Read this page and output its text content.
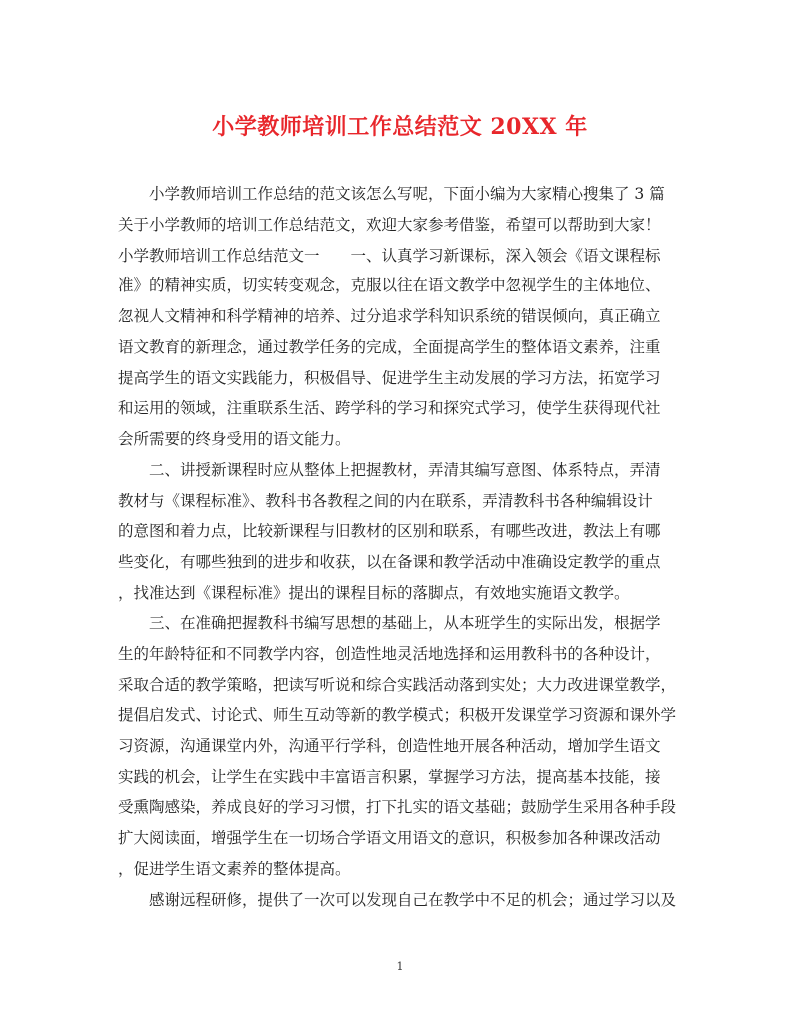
小学教师培训工作总结范文 20XX 年
　　小学教师培训工作总结的范文该怎么写呢，下面小编为大家精心搜集了 3 篇
关于小学教师的培训工作总结范文，欢迎大家参考借鉴，希望可以帮助到大家！
小学教师培训工作总结范文一　　一、认真学习新课标，深入领会《语文课程标
准》的精神实质，切实转变观念，克服以往在语文教学中忽视学生的主体地位、
忽视人文精神和科学精神的培养、过分追求学科知识系统的错误倾向，真正确立
语文教育的新理念，通过教学任务的完成，全面提高学生的整体语文素养，注重
提高学生的语文实践能力，积极倡导、促进学生主动发展的学习方法，拓宽学习
和运用的领域，注重联系生活、跨学科的学习和探究式学习，使学生获得现代社
会所需要的终身受用的语文能力。
　　二、讲授新课程时应从整体上把握教材，弄清其编写意图、体系特点，弄清
教材与《课程标准》、教科书各教程之间的内在联系，弄清教科书各种编辑设计
的意图和着力点，比较新课程与旧教材的区别和联系，有哪些改进，教法上有哪
些变化，有哪些独到的进步和收获，以在备课和教学活动中准确设定教学的重点
，找准达到《课程标准》提出的课程目标的落脚点，有效地实施语文教学。
　　三、在准确把握教科书编写思想的基础上，从本班学生的实际出发，根据学
生的年龄特征和不同教学内容，创造性地灵活地选择和运用教科书的各种设计，
采取合适的教学策略，把读写听说和综合实践活动落到实处；大力改进课堂教学，
提倡启发式、讨论式、师生互动等新的教学模式；积极开发课堂学习资源和课外学
习资源，沟通课堂内外，沟通平行学科，创造性地开展各种活动，增加学生语文
实践的机会，让学生在实践中丰富语言积累，掌握学习方法，提高基本技能，接
受熏陶感染，养成良好的学习习惯，打下扎实的语文基础；鼓励学生采用各种手段
扩大阅读面，增强学生在一切场合学语文用语文的意识，积极参加各种课改活动
，促进学生语文素养的整体提高。
　　感谢远程研修，提供了一次可以发现自己在教学中不足的机会；通过学习以及
1
